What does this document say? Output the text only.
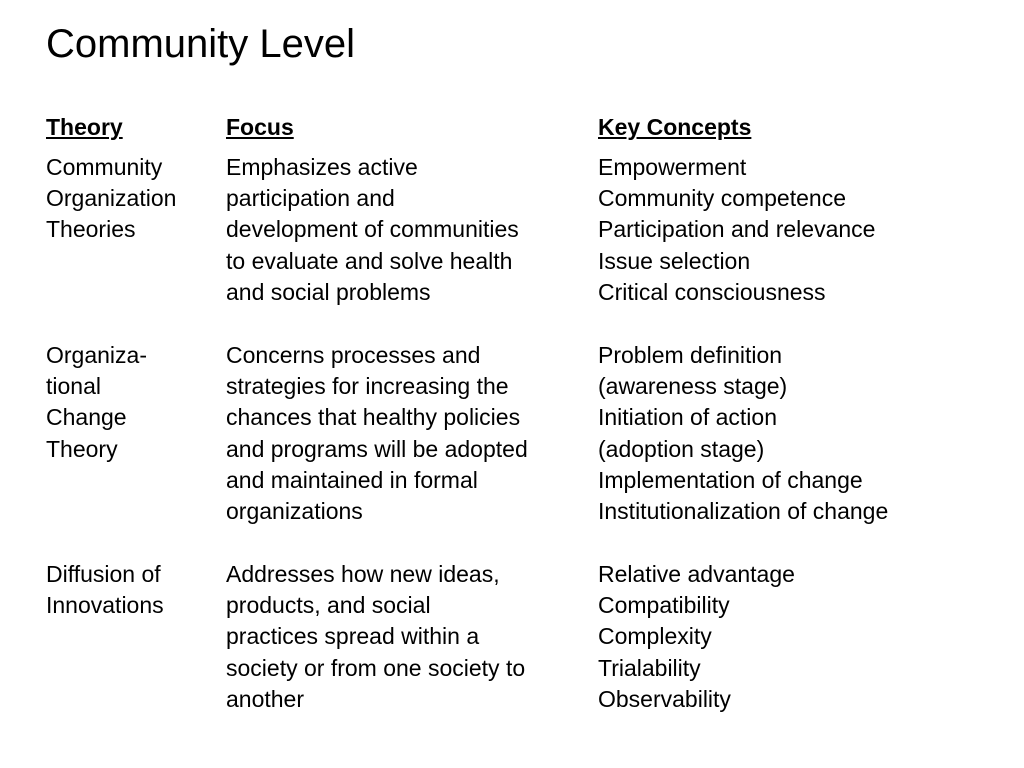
Community Level
Theory	Focus	Key Concepts
Community
Organization
Theories
Emphasizes active
participation and
development of communities
to evaluate and solve health
and social problems
Empowerment
Community competence
Participation and relevance
Issue selection
Critical consciousness
Organiza-
tional
Change
Theory
Concerns processes and
strategies for increasing the
chances that healthy policies
and programs will be adopted
and maintained in formal
organizations
Problem definition
(awareness stage)
Initiation of action
(adoption stage)
Implementation of change
Institutionalization of change
Diffusion of
Innovations
Addresses how new ideas,
products, and social
practices spread within a
society or from one society to
another
Relative advantage
Compatibility
Complexity
Trialability
Observability
